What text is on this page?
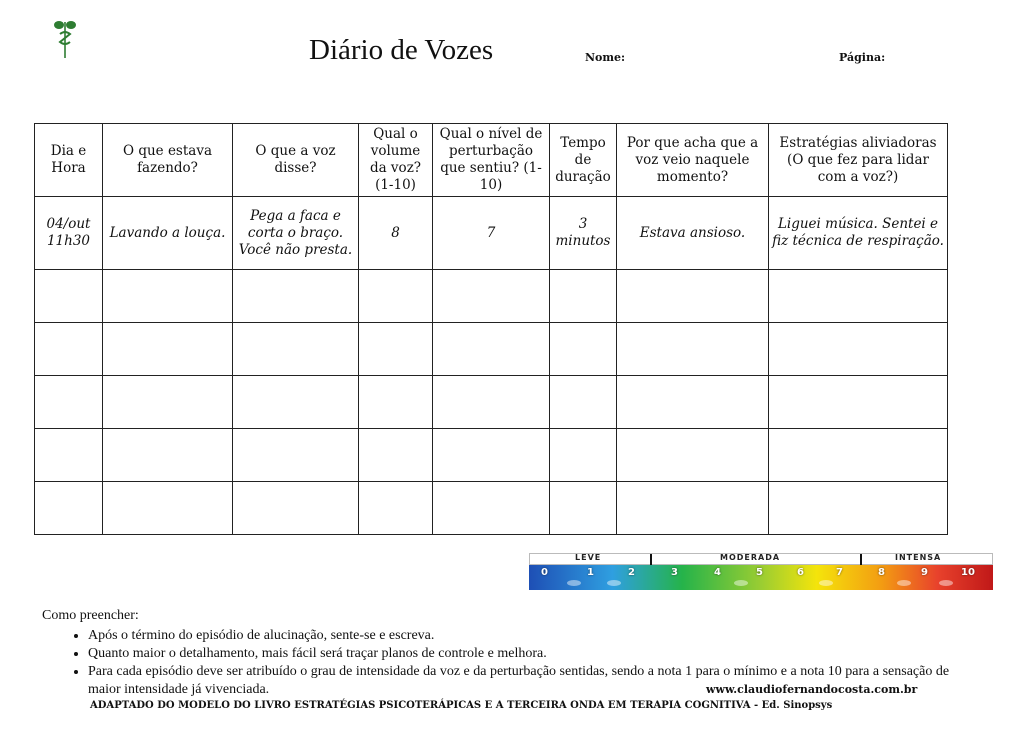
Diário de Vozes	Nome:	Página:
Dia e Hora	O que estava fazendo?	O que a voz disse?	Qual o volume da voz? (1-10)	Qual o nível de perturbação que sentiu? (1-10)	Tempo de duração	Por que acha que a voz veio naquele momento?	Estratégias aliviadoras (O que fez para lidar com a voz?)
04/out 11h30	Lavando a louça.	Pega a faca e corta o braço. Você não presta.	8	7	3 minutos	Estava ansioso.	Liguei música. Sentei e fiz técnica de respiração.

LEVE	MODERADA	INTENSA
0	1	2	3	4	5	6	7	8	9	10

Como preencher:

• Após o término do episódio de alucinação, sente-se e escreva.
• Quanto maior o detalhamento, mais fácil será traçar planos de controle e melhora.
• Para cada episódio deve ser atribuído o grau de intensidade da voz e da perturbação sentidas, sendo a nota 1 para o mínimo e a nota 10 para a sensação de maior intensidade já vivenciada.	www.claudiofernandocosta.com.br
ADAPTADO DO MODELO DO LIVRO ESTRATÉGIAS PSICOTERÁPICAS E A TERCEIRA ONDA EM TERAPIA COGNITIVA - Ed. Sinopsys
